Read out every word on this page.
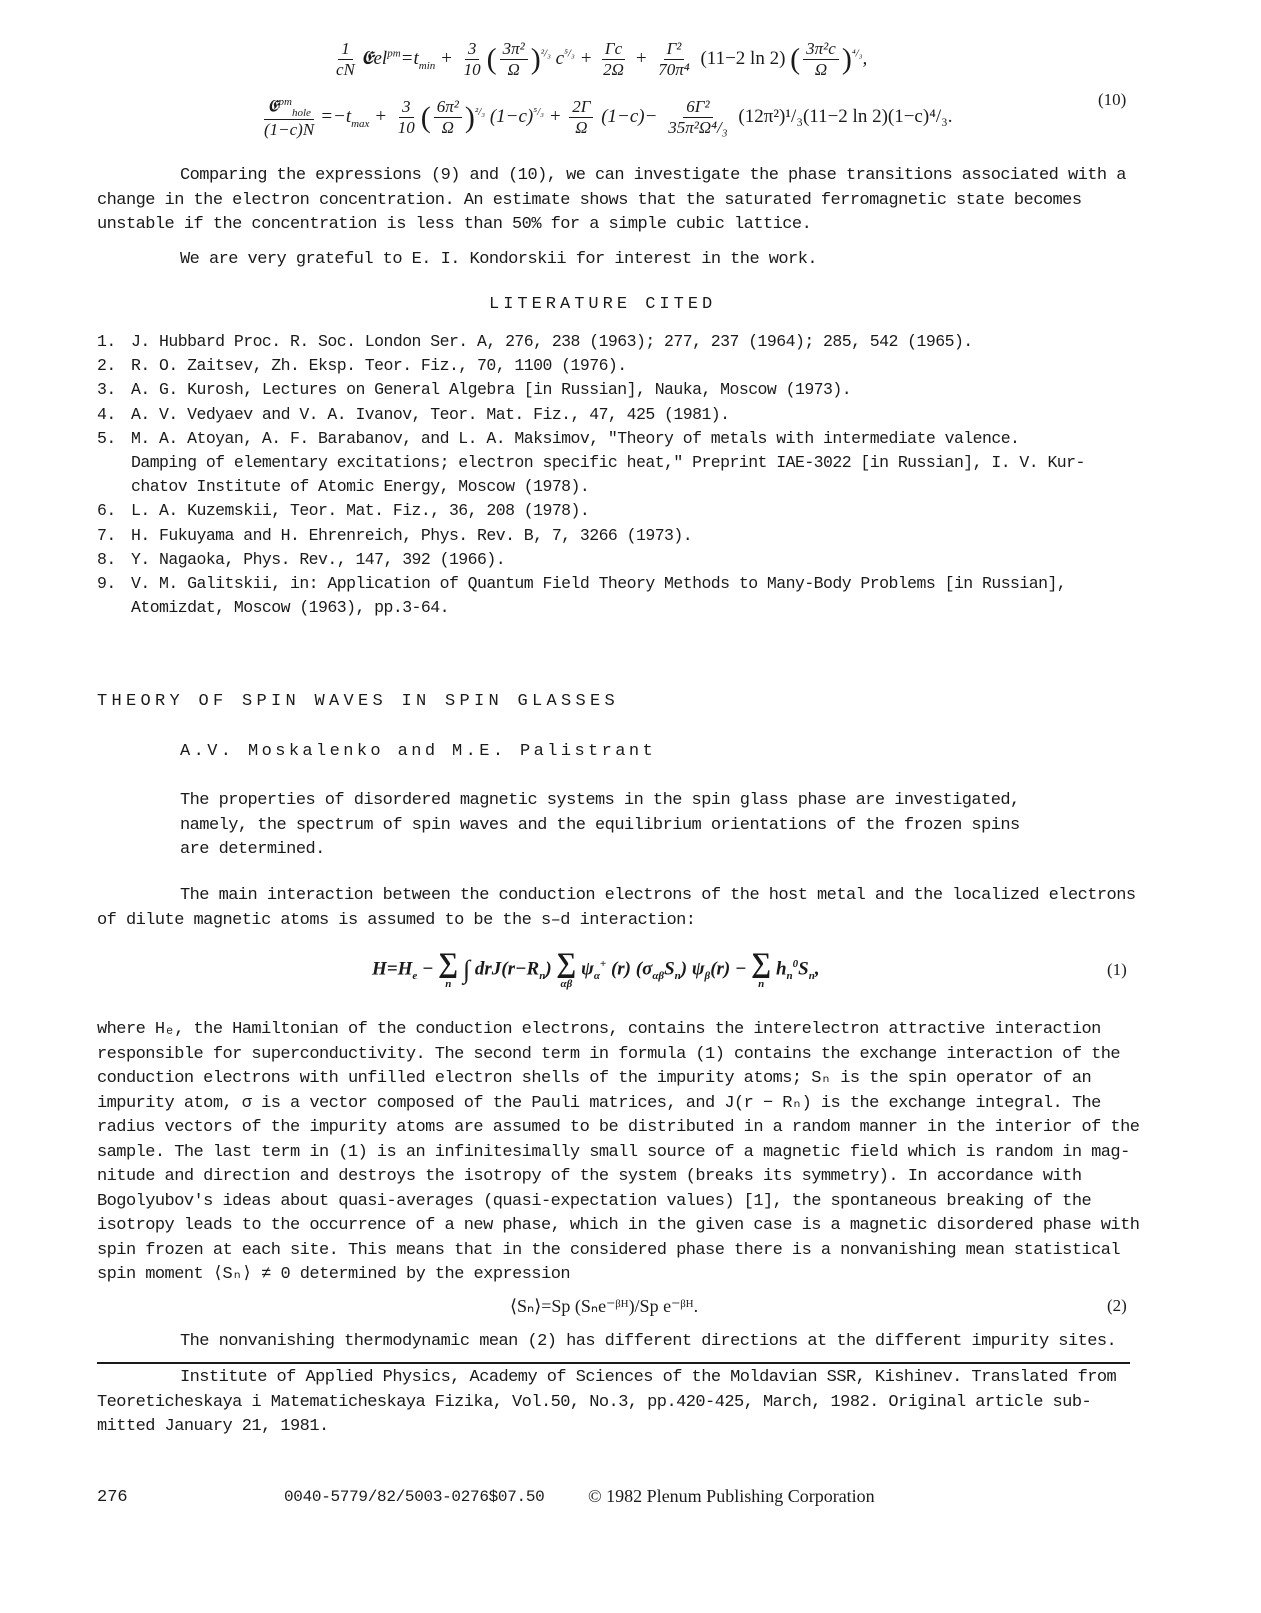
$\frac{1}{cN}$ $𝕰el^{pm}=t_{min} + \frac{3}{10}$ ( $\frac{\text{3π²}}{\Omega} )^{^2/_3}$ $c^{^5/_3} + \frac{\Gamma c}{2\Omega} + \frac{\text{Γ²}}{\text{70π⁴}} (11-2$ ln 2) ( $\frac{\text{3π²c}}{\Omega} )^{^4/_3}$,
$\frac{𝕰^{pm}_{hole}}{(1-c)N} =-t_{max} + \frac{3}{10}$ ( $\frac{\text{6π²}}{\Omega} )^{^2/_3}$ $(1-c)^{^5/_3} + \frac{2\Gamma}{\Omega} (1-c)- \frac{\text{6Γ²}}{\text{35π²Ω⁴/₃}} (12\pi^2)^1/_3(11-2$ ln 2)(1−c)⁴/₃.
(10)
Comparing the expressions (9) and (10), we can investigate the phase transitions associated with a
change in the electron concentration. An estimate shows that the saturated ferromagnetic state becomes
unstable if the concentration is less than 50% for a simple cubic lattice.
We are very grateful to E. I. Kondorskii for interest in the work.
LITERATURE CITED
1. J. Hubbard Proc. R. Soc. London Ser. A, 276, 238 (1963); 277, 237 (1964); 285, 542 (1965).
2. R. O. Zaitsev, Zh. Eksp. Teor. Fiz., 70, 1100 (1976).
3. A. G. Kurosh, Lectures on General Algebra [in Russian], Nauka, Moscow (1973).
4. A. V. Vedyaev and V. A. Ivanov, Teor. Mat. Fiz., 47, 425 (1981).
5. M. A. Atoyan, A. F. Barabanov, and L. A. Maksimov, "Theory of metals with intermediate valence.
Damping of elementary excitations; electron specific heat," Preprint IAE-3022 [in Russian], I. V. Kur-
chatov Institute of Atomic Energy, Moscow (1978).
6. L. A. Kuzemskii, Teor. Mat. Fiz., 36, 208 (1978).
7. H. Fukuyama and H. Ehrenreich, Phys. Rev. B, 7, 3266 (1973).
8. Y. Nagaoka, Phys. Rev., 147, 392 (1966).
9. V. M. Galitskii, in: Application of Quantum Field Theory Methods to Many-Body Problems [in Russian],
Atomizdat, Moscow (1963), pp.3-64.
THEORY OF SPIN WAVES IN SPIN GLASSES
A.V. Moskalenko and M.E. Palistrant
The properties of disordered magnetic systems in the spin glass phase are investigated,
namely, the spectrum of spin waves and the equilibrium orientations of the frozen spins
are determined.
The main interaction between the conduction electrons of the host metal and the localized electrons
of dilute magnetic atoms is assumed to be the s–d interaction:
$H=H_e$ − ∑
n ∫ $drJ(r-R_n)$ ∑
αβ
$\psi_\alpha^+$ (r) $(\sigma_{\alpha\beta}S_n) \psi_\beta(r)$ − ∑
n
$h_n^0S_n$,	(1)
where Hₑ, the Hamiltonian of the conduction electrons, contains the interelectron attractive interaction
responsible for superconductivity. The second term in formula (1) contains the exchange interaction of the
conduction electrons with unfilled electron shells of the impurity atoms; Sₙ is the spin operator of an
impurity atom, σ is a vector composed of the Pauli matrices, and J(r − Rₙ) is the exchange integral. The
radius vectors of the impurity atoms are assumed to be distributed in a random manner in the interior of the
sample. The last term in (1) is an infinitesimally small source of a magnetic field which is random in mag-
nitude and direction and destroys the isotropy of the system (breaks its symmetry). In accordance with
Bogolyubov's ideas about quasi-averages (quasi-expectation values) [1], the spontaneous breaking of the
isotropy leads to the occurrence of a new phase, which in the given case is a magnetic disordered phase with
spin frozen at each site. This means that in the considered phase there is a nonvanishing mean statistical
spin moment ⟨Sₙ⟩ ≠ 0 determined by the expression
⟨Sₙ⟩=Sp (Sₙe⁻ᵝᴴ)/Sp e⁻ᵝᴴ.	(2)
The nonvanishing thermodynamic mean (2) has different directions at the different impurity sites.
Institute of Applied Physics, Academy of Sciences of the Moldavian SSR, Kishinev. Translated from
Teoreticheskaya i Matematicheskaya Fizika, Vol.50, No.3, pp.420-425, March, 1982. Original article sub-
mitted January 21, 1981.
276	0040-5779/82/5003-0276$07.50 © 1982 Plenum Publishing Corporation
